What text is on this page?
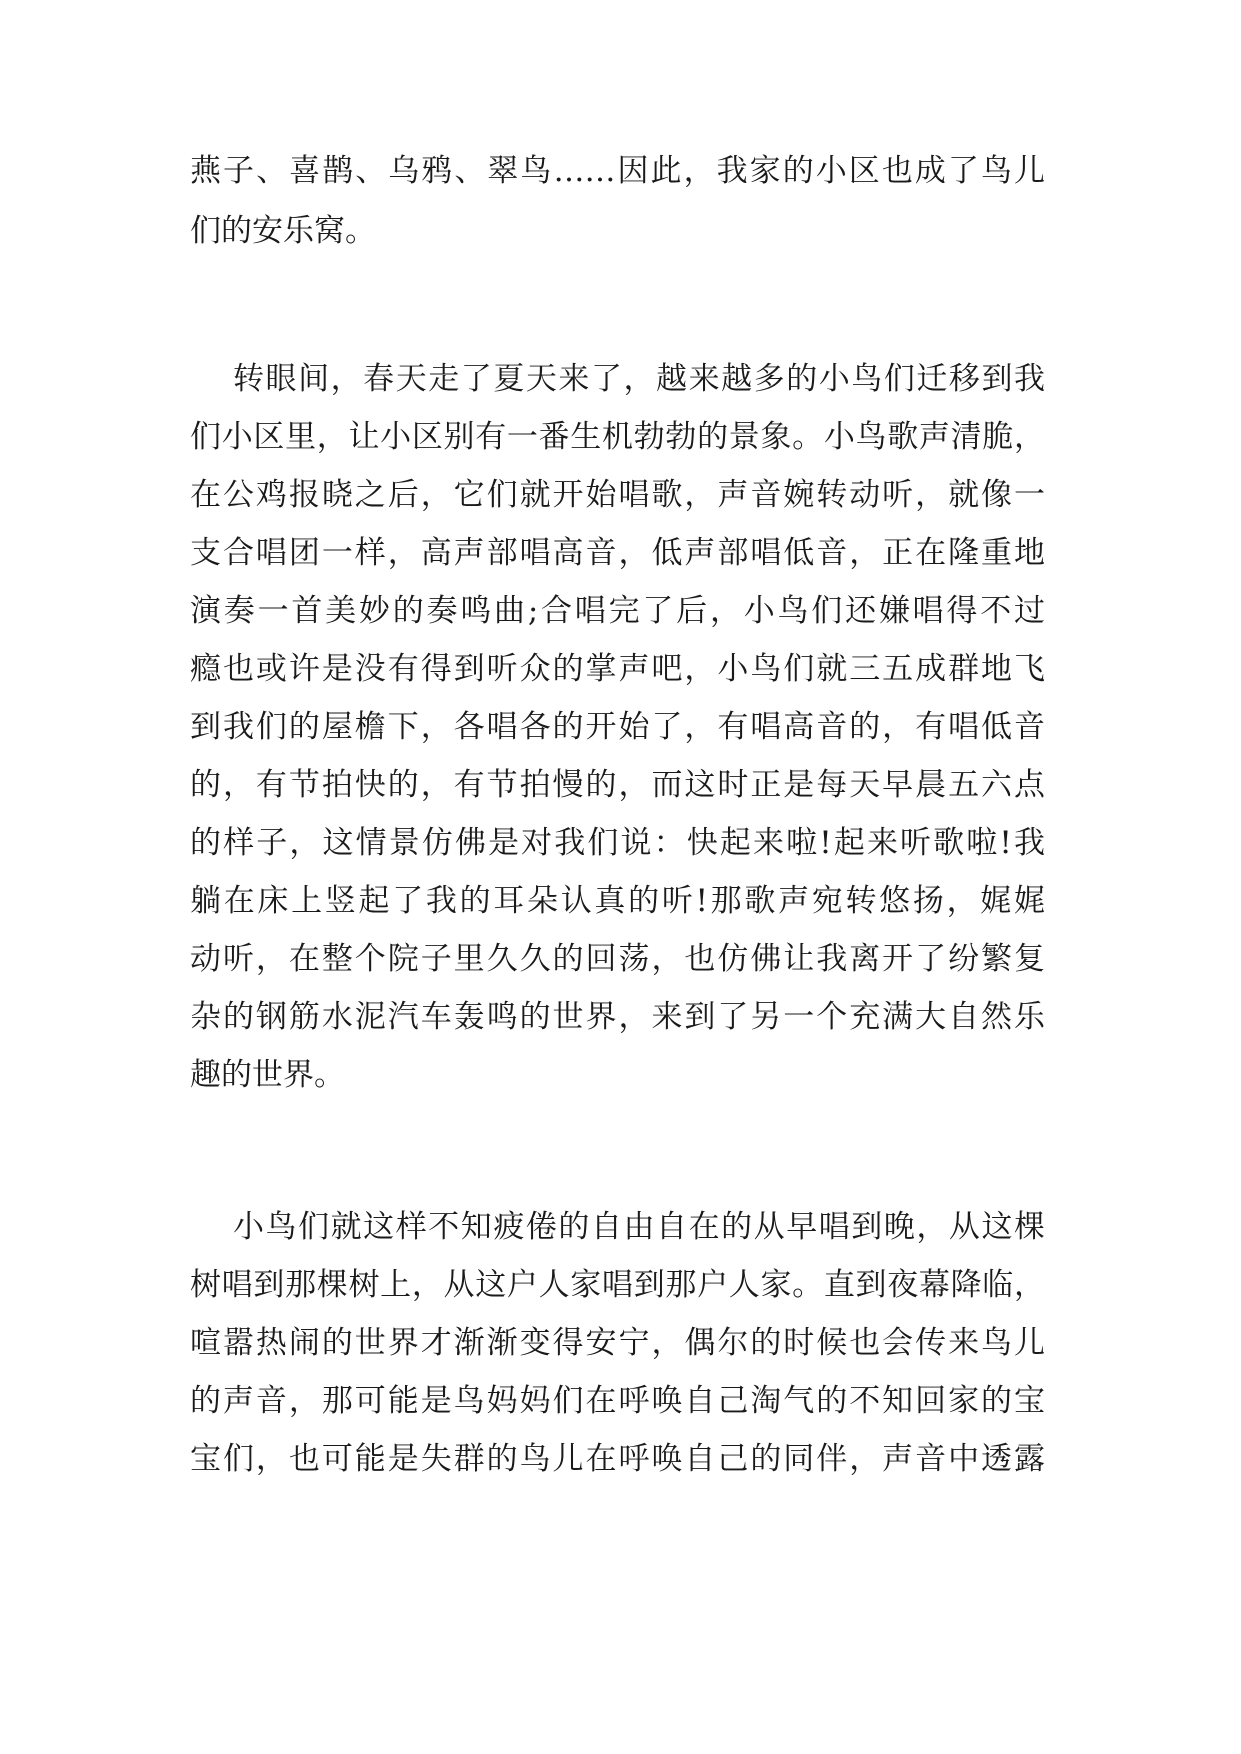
燕子、喜鹊、乌鸦、翠鸟……因此，我家的小区也成了鸟儿
们的安乐窝。
转眼间，春天走了夏天来了，越来越多的小鸟们迁移到我
们小区里，让小区别有一番生机勃勃的景象。小鸟歌声清脆，
在公鸡报晓之后，它们就开始唱歌，声音婉转动听，就像一
支合唱团一样，高声部唱高音，低声部唱低音，正在隆重地
演奏一首美妙的奏鸣曲;合唱完了后，小鸟们还嫌唱得不过
瘾也或许是没有得到听众的掌声吧，小鸟们就三五成群地飞
到我们的屋檐下，各唱各的开始了，有唱高音的，有唱低音
的，有节拍快的，有节拍慢的，而这时正是每天早晨五六点
的样子，这情景仿佛是对我们说：快起来啦!起来听歌啦!我
躺在床上竖起了我的耳朵认真的听!那歌声宛转悠扬，娓娓
动听，在整个院子里久久的回荡，也仿佛让我离开了纷繁复
杂的钢筋水泥汽车轰鸣的世界，来到了另一个充满大自然乐
趣的世界。
小鸟们就这样不知疲倦的自由自在的从早唱到晚，从这棵
树唱到那棵树上，从这户人家唱到那户人家。直到夜幕降临，
喧嚣热闹的世界才渐渐变得安宁，偶尔的时候也会传来鸟儿
的声音，那可能是鸟妈妈们在呼唤自己淘气的不知回家的宝
宝们，也可能是失群的鸟儿在呼唤自己的同伴，声音中透露
